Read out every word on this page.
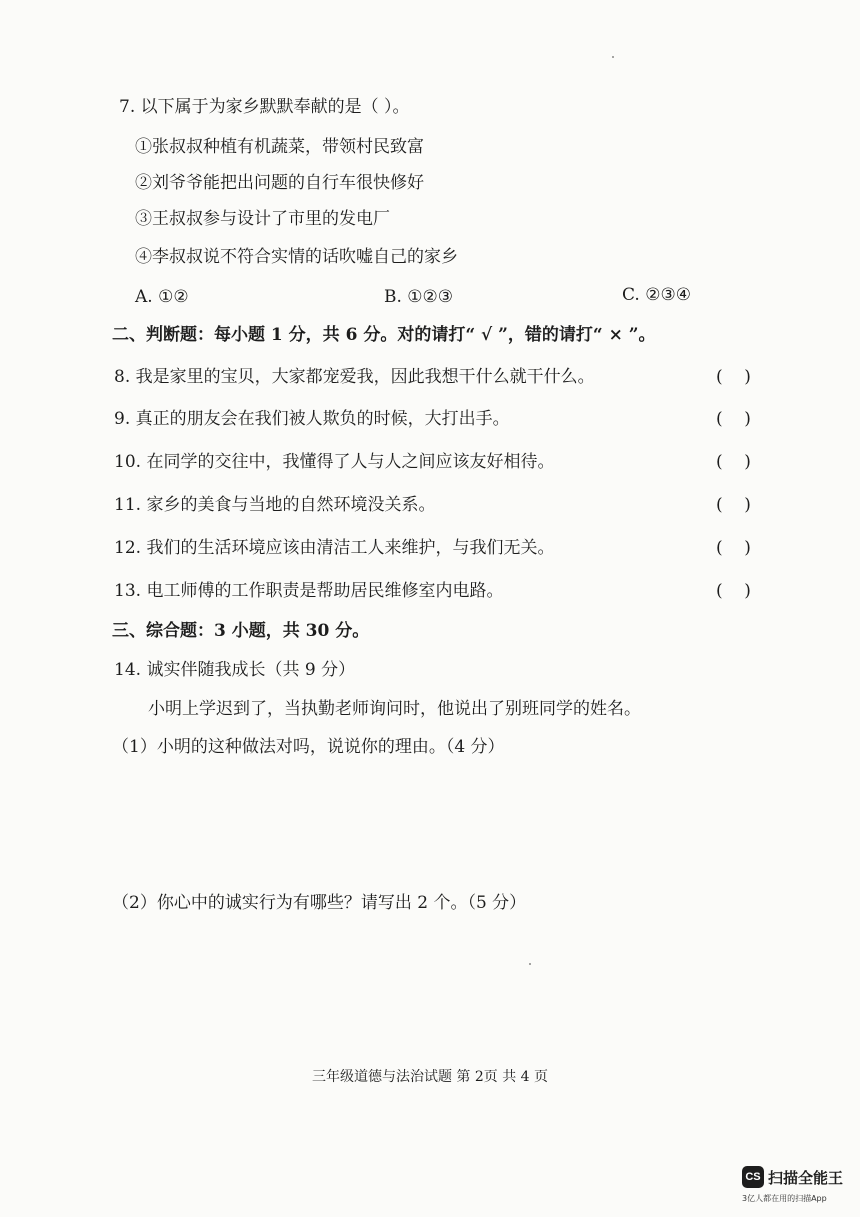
7. 以下属于为家乡默默奉献的是（ ）。
①张叔叔种植有机蔬菜，带领村民致富
②刘爷爷能把出问题的自行车很快修好
③王叔叔参与设计了市里的发电厂
④李叔叔说不符合实情的话吹嘘自己的家乡
A. ①②	B. ①②③	C. ②③④
二、判断题：每小题 1 分，共 6 分。对的请打“ √ ”，错的请打“ × ”。
8. 我是家里的宝贝，大家都宠爱我，因此我想干什么就干什么。	(    )
9. 真正的朋友会在我们被人欺负的时候，大打出手。	(    )
10. 在同学的交往中，我懂得了人与人之间应该友好相待。	(    )
11. 家乡的美食与当地的自然环境没关系。	(    )
12. 我们的生活环境应该由清洁工人来维护，与我们无关。	(    )
13. 电工师傅的工作职责是帮助居民维修室内电路。	(    )
三、综合题：3 小题，共 30 分。
14. 诚实伴随我成长（共 9 分）
小明上学迟到了，当执勤老师询问时，他说出了别班同学的姓名。
（1）小明的这种做法对吗，说说你的理由。（4 分）
（2）你心中的诚实行为有哪些？请写出 2 个。（5 分）
三年级道德与法治试题 第 2页 共 4 页
CS 扫描全能王
3亿人都在用的扫描App
